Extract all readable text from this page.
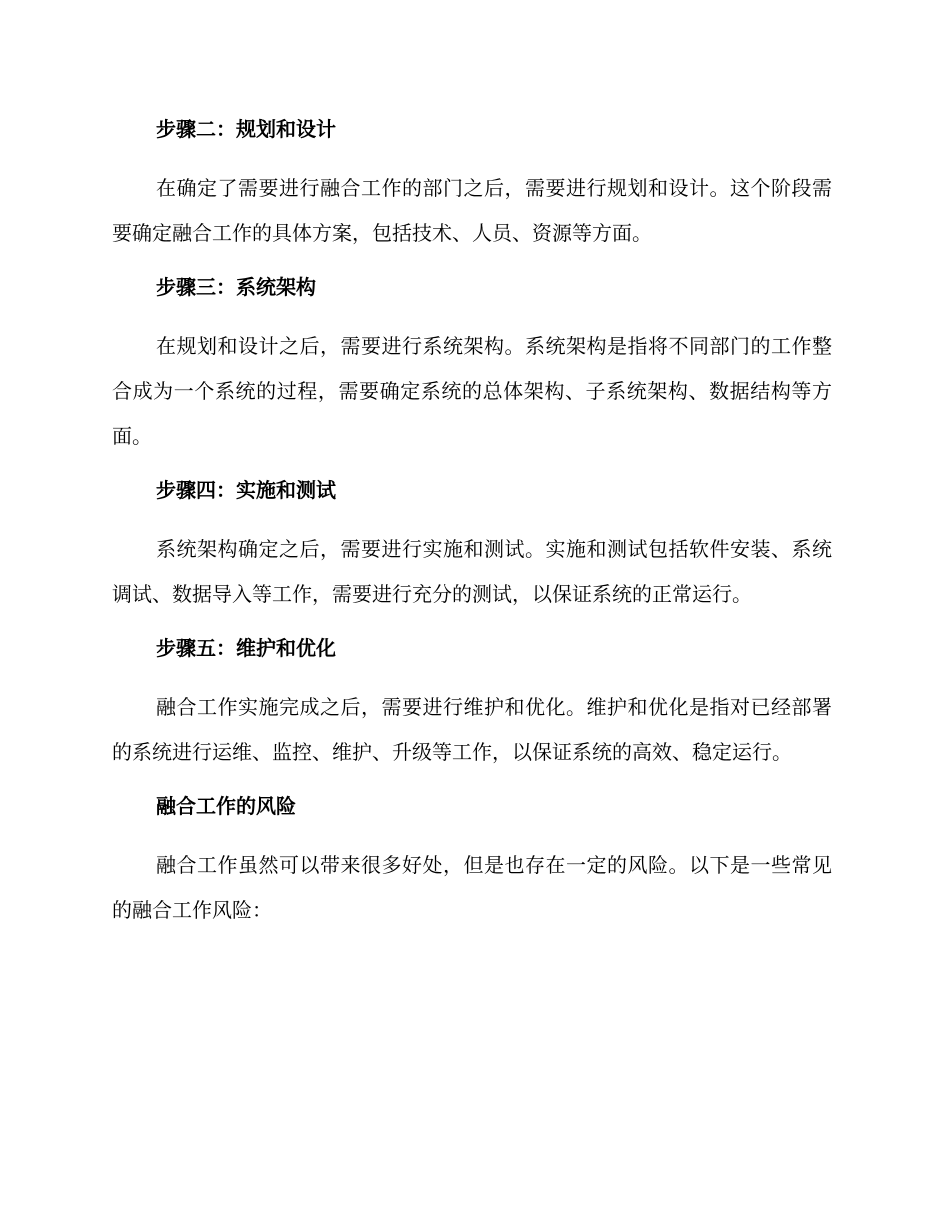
步骤二：规划和设计

在确定了需要进行融合工作的部门之后，需要进行规划和设计。这个阶段需要确定融合工作的具体方案，包括技术、人员、资源等方面。

步骤三：系统架构

在规划和设计之后，需要进行系统架构。系统架构是指将不同部门的工作整合成为一个系统的过程，需要确定系统的总体架构、子系统架构、数据结构等方面。

步骤四：实施和测试

系统架构确定之后，需要进行实施和测试。实施和测试包括软件安装、系统调试、数据导入等工作，需要进行充分的测试，以保证系统的正常运行。

步骤五：维护和优化

融合工作实施完成之后，需要进行维护和优化。维护和优化是指对已经部署的系统进行运维、监控、维护、升级等工作，以保证系统的高效、稳定运行。

融合工作的风险

融合工作虽然可以带来很多好处，但是也存在一定的风险。以下是一些常见的融合工作风险：
